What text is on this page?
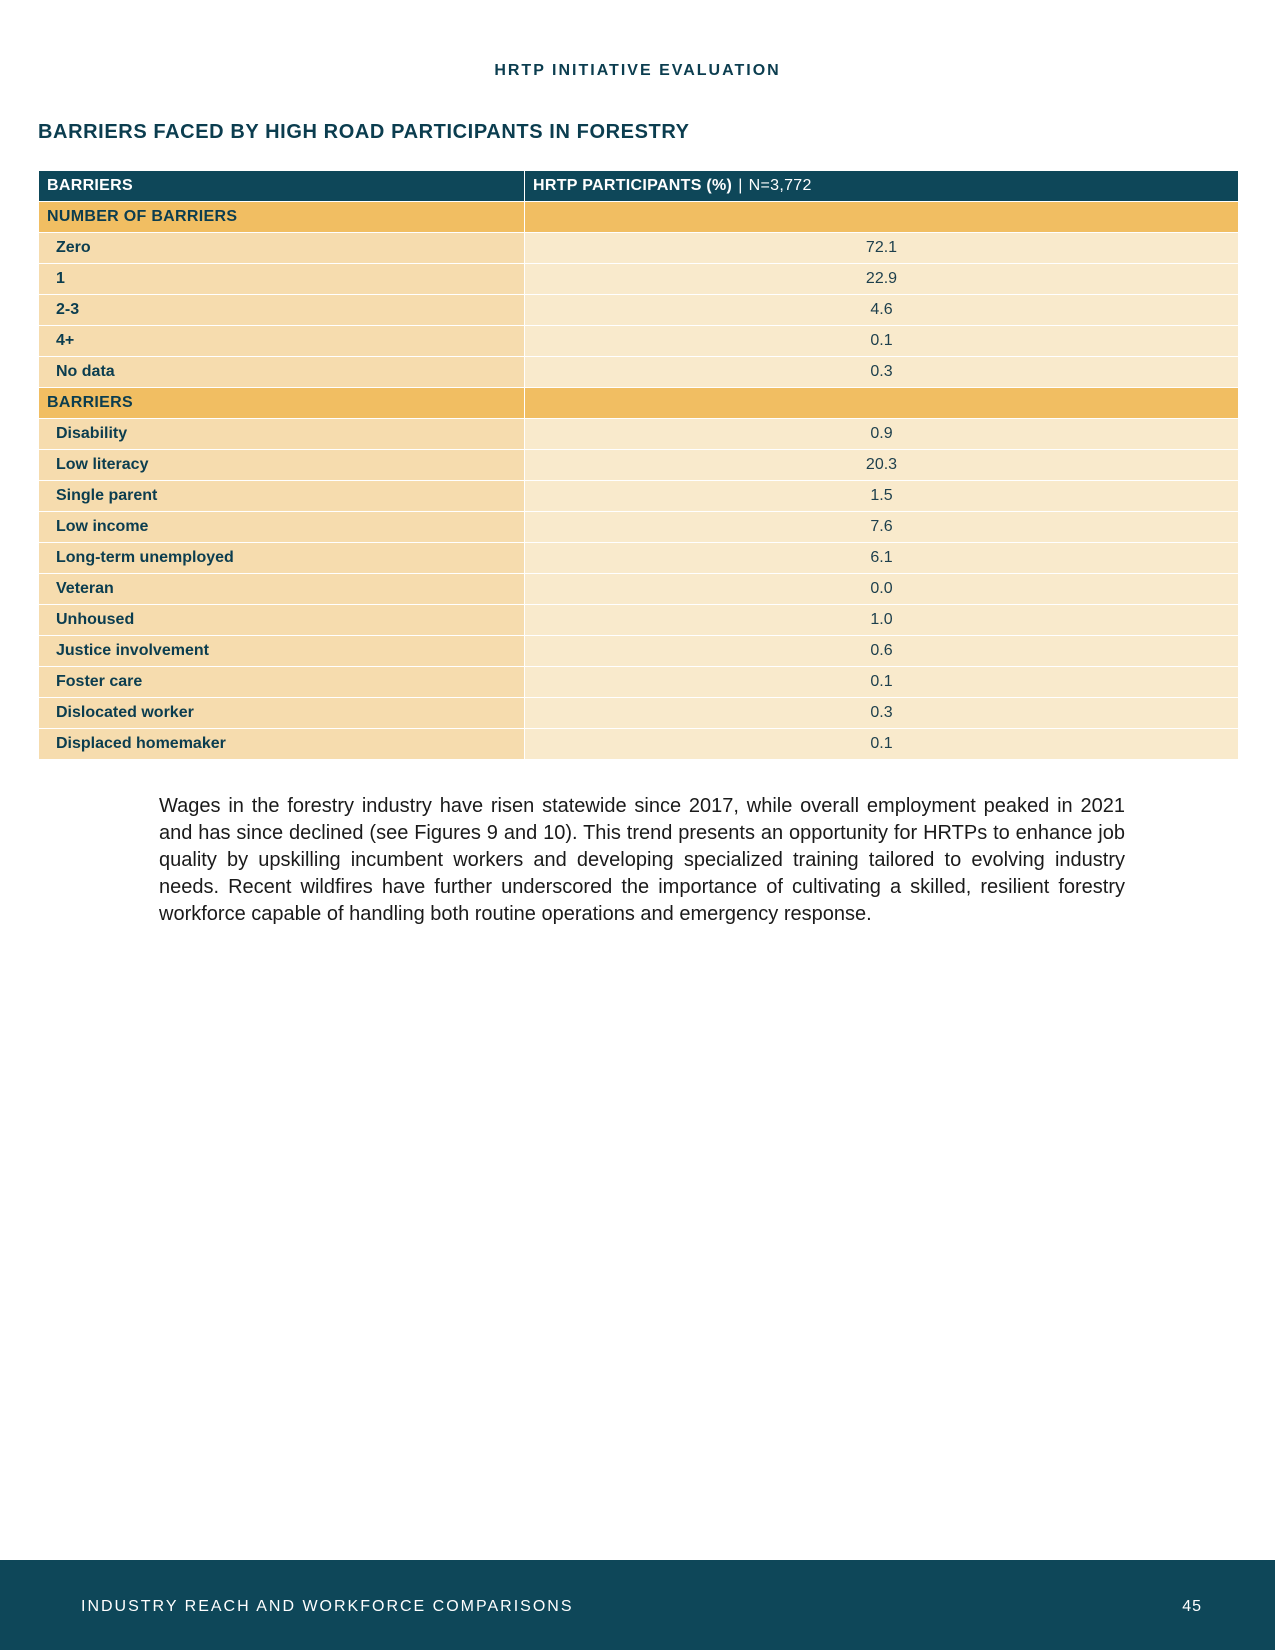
HRTP INITIATIVE EVALUATION
BARRIERS FACED BY HIGH ROAD PARTICIPANTS IN FORESTRY
BARRIERS	HRTP PARTICIPANTS (%) | N=3,772
NUMBER OF BARRIERS	
Zero	72.1
1	22.9
2-3	4.6
4+	0.1
No data	0.3
BARRIERS	
Disability	0.9
Low literacy	20.3
Single parent	1.5
Low income	7.6
Long-term unemployed	6.1
Veteran	0.0
Unhoused	1.0
Justice involvement	0.6
Foster care	0.1
Dislocated worker	0.3
Displaced homemaker	0.1

Wages in the forestry industry have risen statewide since 2017, while overall employment peaked in 2021 and has since declined (see Figures 9 and 10). This trend presents an opportunity for HRTPs to enhance job quality by upskilling incumbent workers and developing specialized training tailored to evolving industry needs. Recent wildfires have further underscored the importance of cultivating a skilled, resilient forestry workforce capable of handling both routine operations and emergency response.

INDUSTRY REACH AND WORKFORCE COMPARISONS	45
